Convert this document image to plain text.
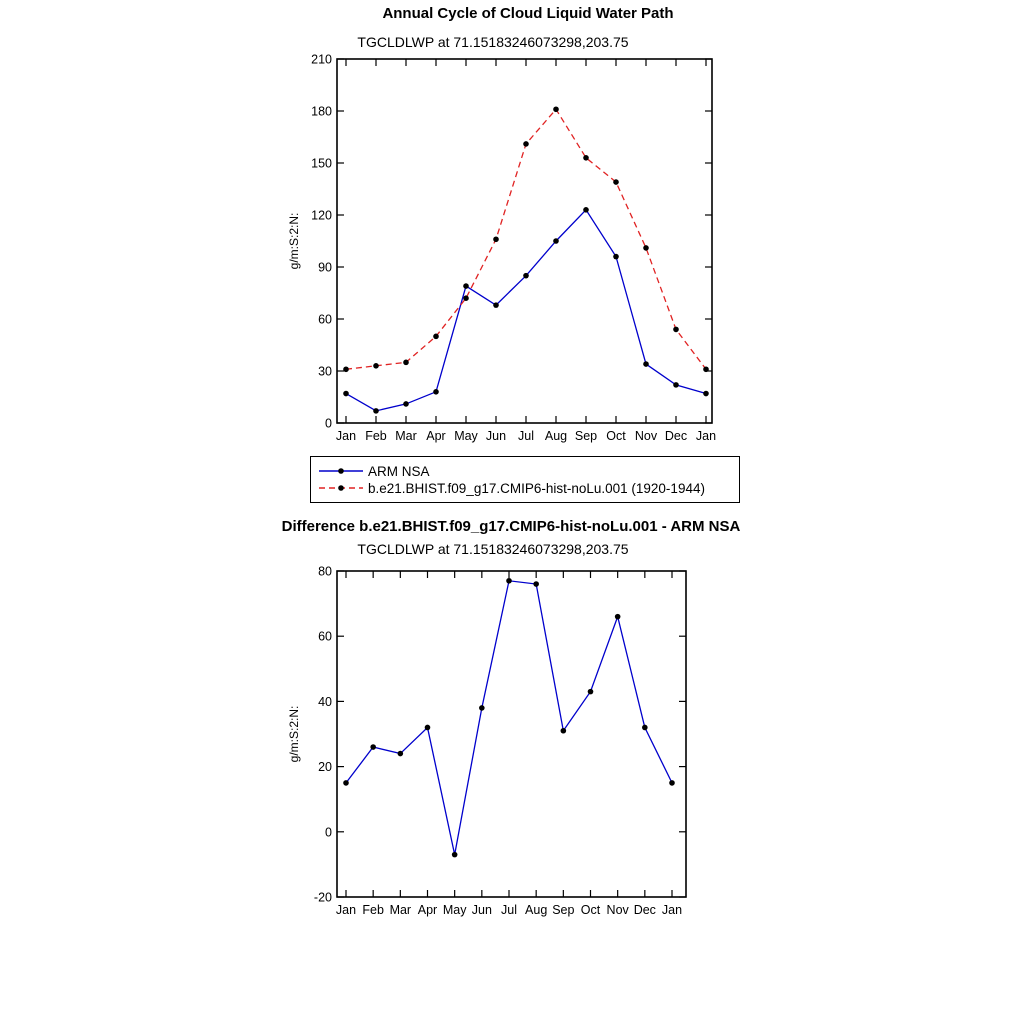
0
30
60
90
120
150
180
210
Jan Feb Mar Apr May Jun Jul Aug Sep Oct Nov Dec Jan
-20
0
20
40
60
80
Jan Feb Mar Apr May Jun Jul Aug Sep Oct Nov Dec Jan
Annual Cycle of Cloud Liquid Water Path
TGCLDLWP at 71.15183246073298,203.75
g/m:S:2:N:
ARM NSA
b.e21.BHIST.f09_g17.CMIP6-hist-noLu.001 (1920-1944)
Difference b.e21.BHIST.f09_g17.CMIP6-hist-noLu.001 - ARM NSA
TGCLDLWP at 71.15183246073298,203.75
g/m:S:2:N:
